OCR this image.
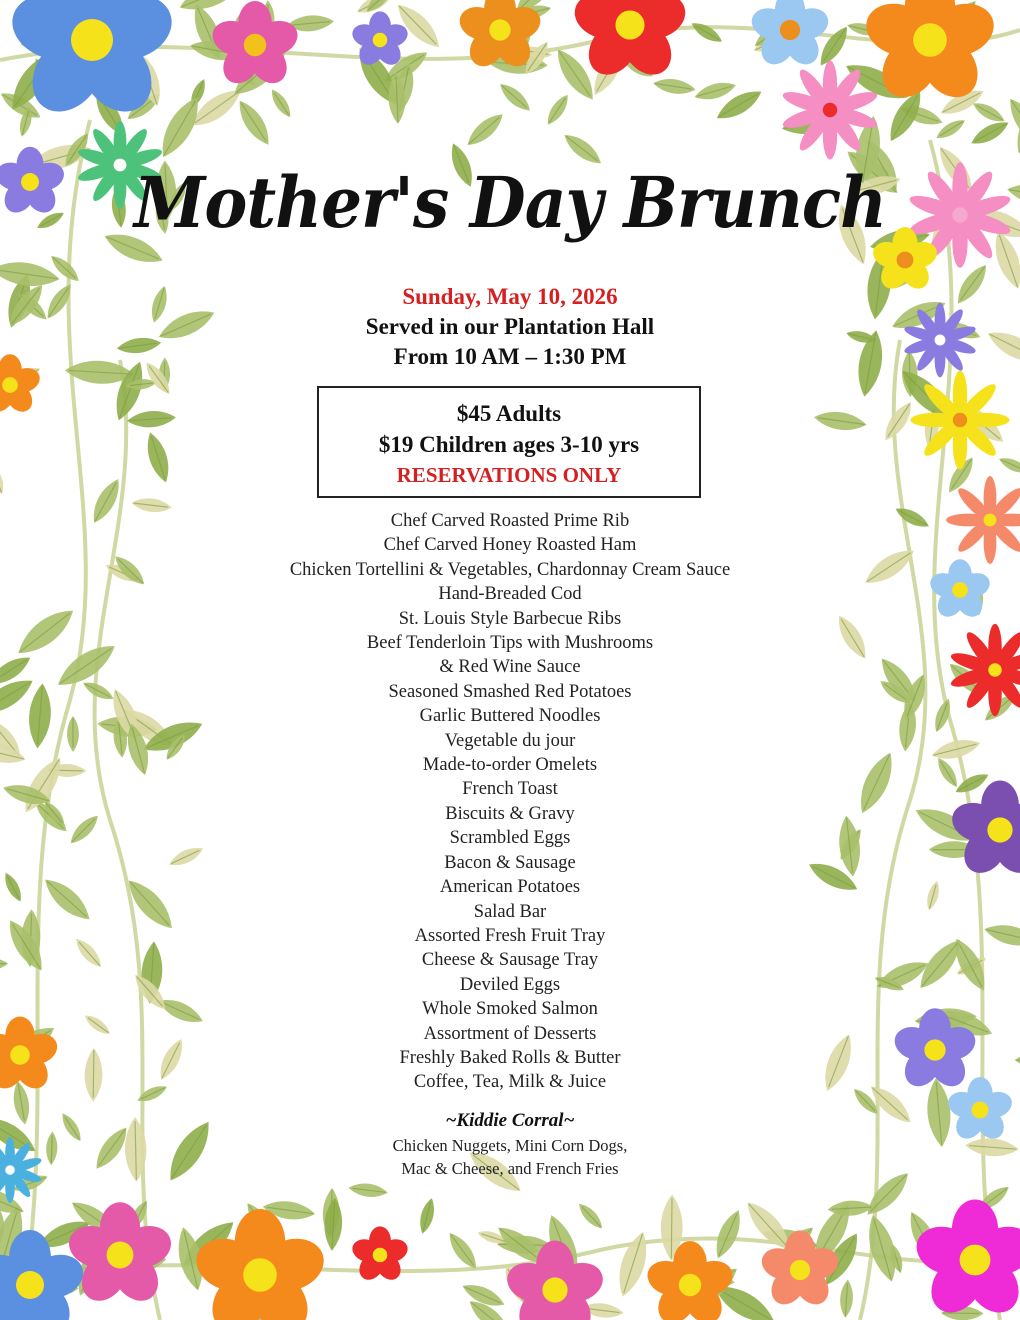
Mother's Day Brunch
Sunday, May 10, 2026
Served in our Plantation Hall
From 10 AM – 1:30 PM
$45 Adults
$19 Children ages 3-10 yrs
RESERVATIONS ONLY
Chef Carved Roasted Prime Rib
Chef Carved Honey Roasted Ham
Chicken Tortellini & Vegetables, Chardonnay Cream Sauce
Hand-Breaded Cod
St. Louis Style Barbecue Ribs
Beef Tenderloin Tips with Mushrooms
& Red Wine Sauce
Seasoned Smashed Red Potatoes
Garlic Buttered Noodles
Vegetable du jour
Made-to-order Omelets
French Toast
Biscuits & Gravy
Scrambled Eggs
Bacon & Sausage
American Potatoes
Salad Bar
Assorted Fresh Fruit Tray
Cheese & Sausage Tray
Deviled Eggs
Whole Smoked Salmon
Assortment of Desserts
Freshly Baked Rolls & Butter
Coffee, Tea, Milk & Juice
~Kiddie Corral~
Chicken Nuggets, Mini Corn Dogs,
Mac & Cheese, and French Fries
